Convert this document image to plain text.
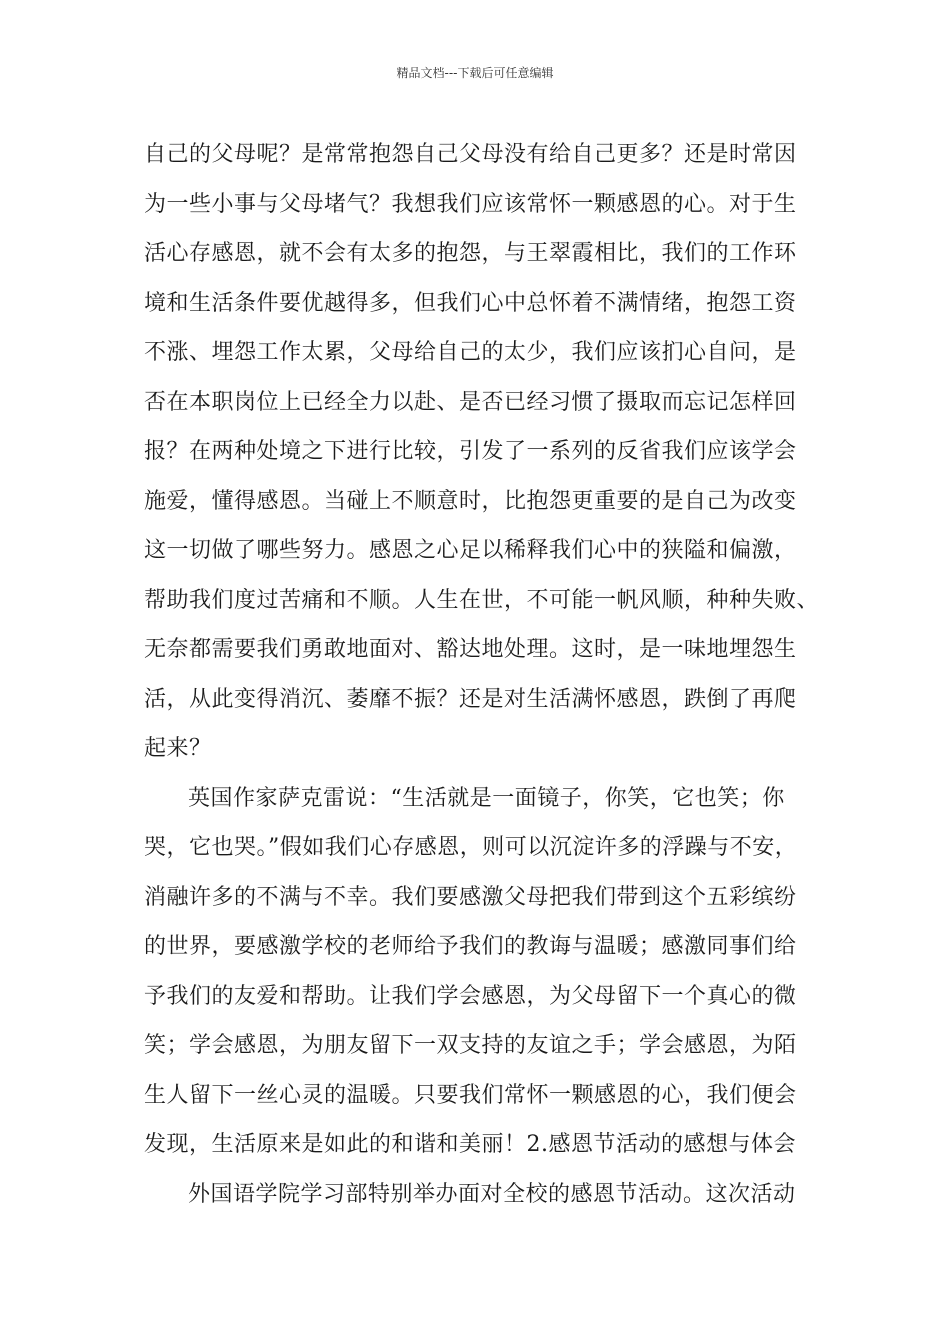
精品文档---下载后可任意编辑
自己的父母呢？是常常抱怨自己父母没有给自己更多？还是时常因
为一些小事与父母堵气？我想我们应该常怀一颗感恩的心。对于生
活心存感恩，就不会有太多的抱怨，与王翠霞相比，我们的工作环
境和生活条件要优越得多，但我们心中总怀着不满情绪，抱怨工资
不涨、埋怨工作太累，父母给自己的太少，我们应该扪心自问，是
否在本职岗位上已经全力以赴、是否已经习惯了摄取而忘记怎样回
报？在两种处境之下进行比较，引发了一系列的反省我们应该学会
施爱，懂得感恩。当碰上不顺意时，比抱怨更重要的是自己为改变
这一切做了哪些努力。感恩之心足以稀释我们心中的狭隘和偏激，
帮助我们度过苦痛和不顺。人生在世，不可能一帆风顺，种种失败、
无奈都需要我们勇敢地面对、豁达地处理。这时，是一味地埋怨生
活，从此变得消沉、萎靡不振？还是对生活满怀感恩，跌倒了再爬
起来？
英国作家萨克雷说：“生活就是一面镜子，你笑，它也笑；你
哭，它也哭。”假如我们心存感恩，则可以沉淀许多的浮躁与不安，
消融许多的不满与不幸。我们要感激父母把我们带到这个五彩缤纷
的世界，要感激学校的老师给予我们的教诲与温暖；感激同事们给
予我们的友爱和帮助。让我们学会感恩，为父母留下一个真心的微
笑；学会感恩，为朋友留下一双支持的友谊之手；学会感恩，为陌
生人留下一丝心灵的温暖。只要我们常怀一颗感恩的心，我们便会
发现，生活原来是如此的和谐和美丽！2.感恩节活动的感想与体会
外国语学院学习部特别举办面对全校的感恩节活动。这次活动
